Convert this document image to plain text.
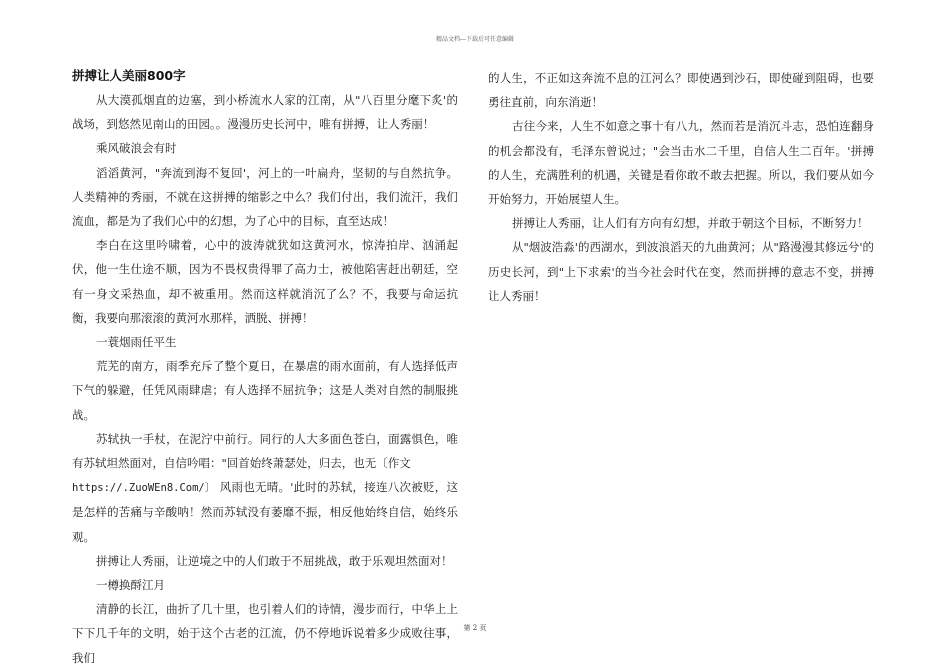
精品文档---下载后可任意编辑
拼搏让人美丽800字

从大漠孤烟直的边塞，到小桥流水人家的江南，从"八百里分麾下炙'的战场，到悠然见南山的田园。。漫漫历史长河中，唯有拼搏，让人秀丽！

乘风破浪会有时

滔滔黄河，"奔流到海不复回'，河上的一叶扁舟，坚韧的与自然抗争。人类精神的秀丽，不就在这拼搏的缩影之中么？我们付出，我们流汗，我们流血，都是为了我们心中的幻想，为了心中的目标，直至达成！

李白在这里吟啸着，心中的波涛就犹如这黄河水，惊涛拍岸、汹涌起伏，他一生仕途不顺，因为不畏权贵得罪了高力士，被他陷害赶出朝廷，空有一身文采热血，却不被重用。然而这样就消沉了么？不，我要与命运抗衡，我要向那滚滚的黄河水那样，洒脱、拼搏！

一蓑烟雨任平生

荒芜的南方，雨季充斥了整个夏日，在暴虐的雨水面前，有人选择低声下气的躲避，任凭风雨肆虐；有人选择不屈抗争；这是人类对自然的制服挑战。

苏轼执一手杖，在泥泞中前行。同行的人大多面色苍白，面露惧色，唯有苏轼坦然面对，自信吟唱："回首始终萧瑟处，归去，也无〔作文
https://.ZuoWEn8.Com/〕 风雨也无晴。'此时的苏轼，接连八次被贬，这是怎样的苦痛与辛酸呐！然而苏轼没有萎靡不振，相反他始终自信，始终乐观。

拼搏让人秀丽，让逆境之中的人们敢于不屈挑战，敢于乐观坦然面对！

一樽换酹江月

清静的长江，曲折了几十里，也引着人们的诗情，漫步而行，中华上上下下几千年的文明，始于这个古老的江流，仍不停地诉说着多少成败往事，我们

的人生，不正如这奔流不息的江河么？即使遇到沙石，即使碰到阻碍，也要勇往直前，向东消逝！

古往今来，人生不如意之事十有八九，然而若是消沉斗志，恐怕连翻身的机会都没有，毛泽东曾说过；"会当击水二千里，自信人生二百年。'拼搏的人生，充满胜利的机遇，关键是看你敢不敢去把握。所以，我们要从如今开始努力，开始展望人生。

拼搏让人秀丽，让人们有方向有幻想，并敢于朝这个目标，不断努力！

从"烟波浩淼'的西湖水，到波浪滔天的九曲黄河；从"路漫漫其修远兮'的历史长河，到"上下求索'的当今社会时代在变，然而拼搏的意志不变，拼搏让人秀丽！

第 2 页
